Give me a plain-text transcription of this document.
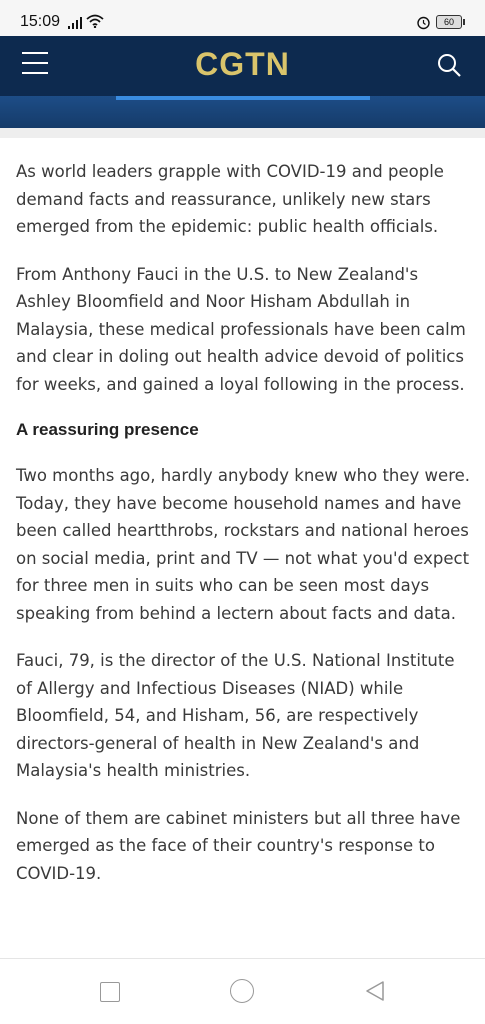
15:09	60
CGTN

As world leaders grapple with COVID-19 and people demand facts and reassurance, unlikely new stars emerged from the epidemic: public health officials.

From Anthony Fauci in the U.S. to New Zealand's Ashley Bloomfield and Noor Hisham Abdullah in Malaysia, these medical professionals have been calm and clear in doling out health advice devoid of politics for weeks, and gained a loyal following in the process.

A reassuring presence

Two months ago, hardly anybody knew who they were. Today, they have become household names and have been called heartthrobs, rockstars and national heroes on social media, print and TV — not what you'd expect for three men in suits who can be seen most days speaking from behind a lectern about facts and data.

Fauci, 79, is the director of the U.S. National Institute of Allergy and Infectious Diseases (NIAD) while Bloomfield, 54, and Hisham, 56, are respectively directors-general of health in New Zealand's and Malaysia's health ministries.

None of them are cabinet ministers but all three have emerged as the face of their country's response to COVID-19.
